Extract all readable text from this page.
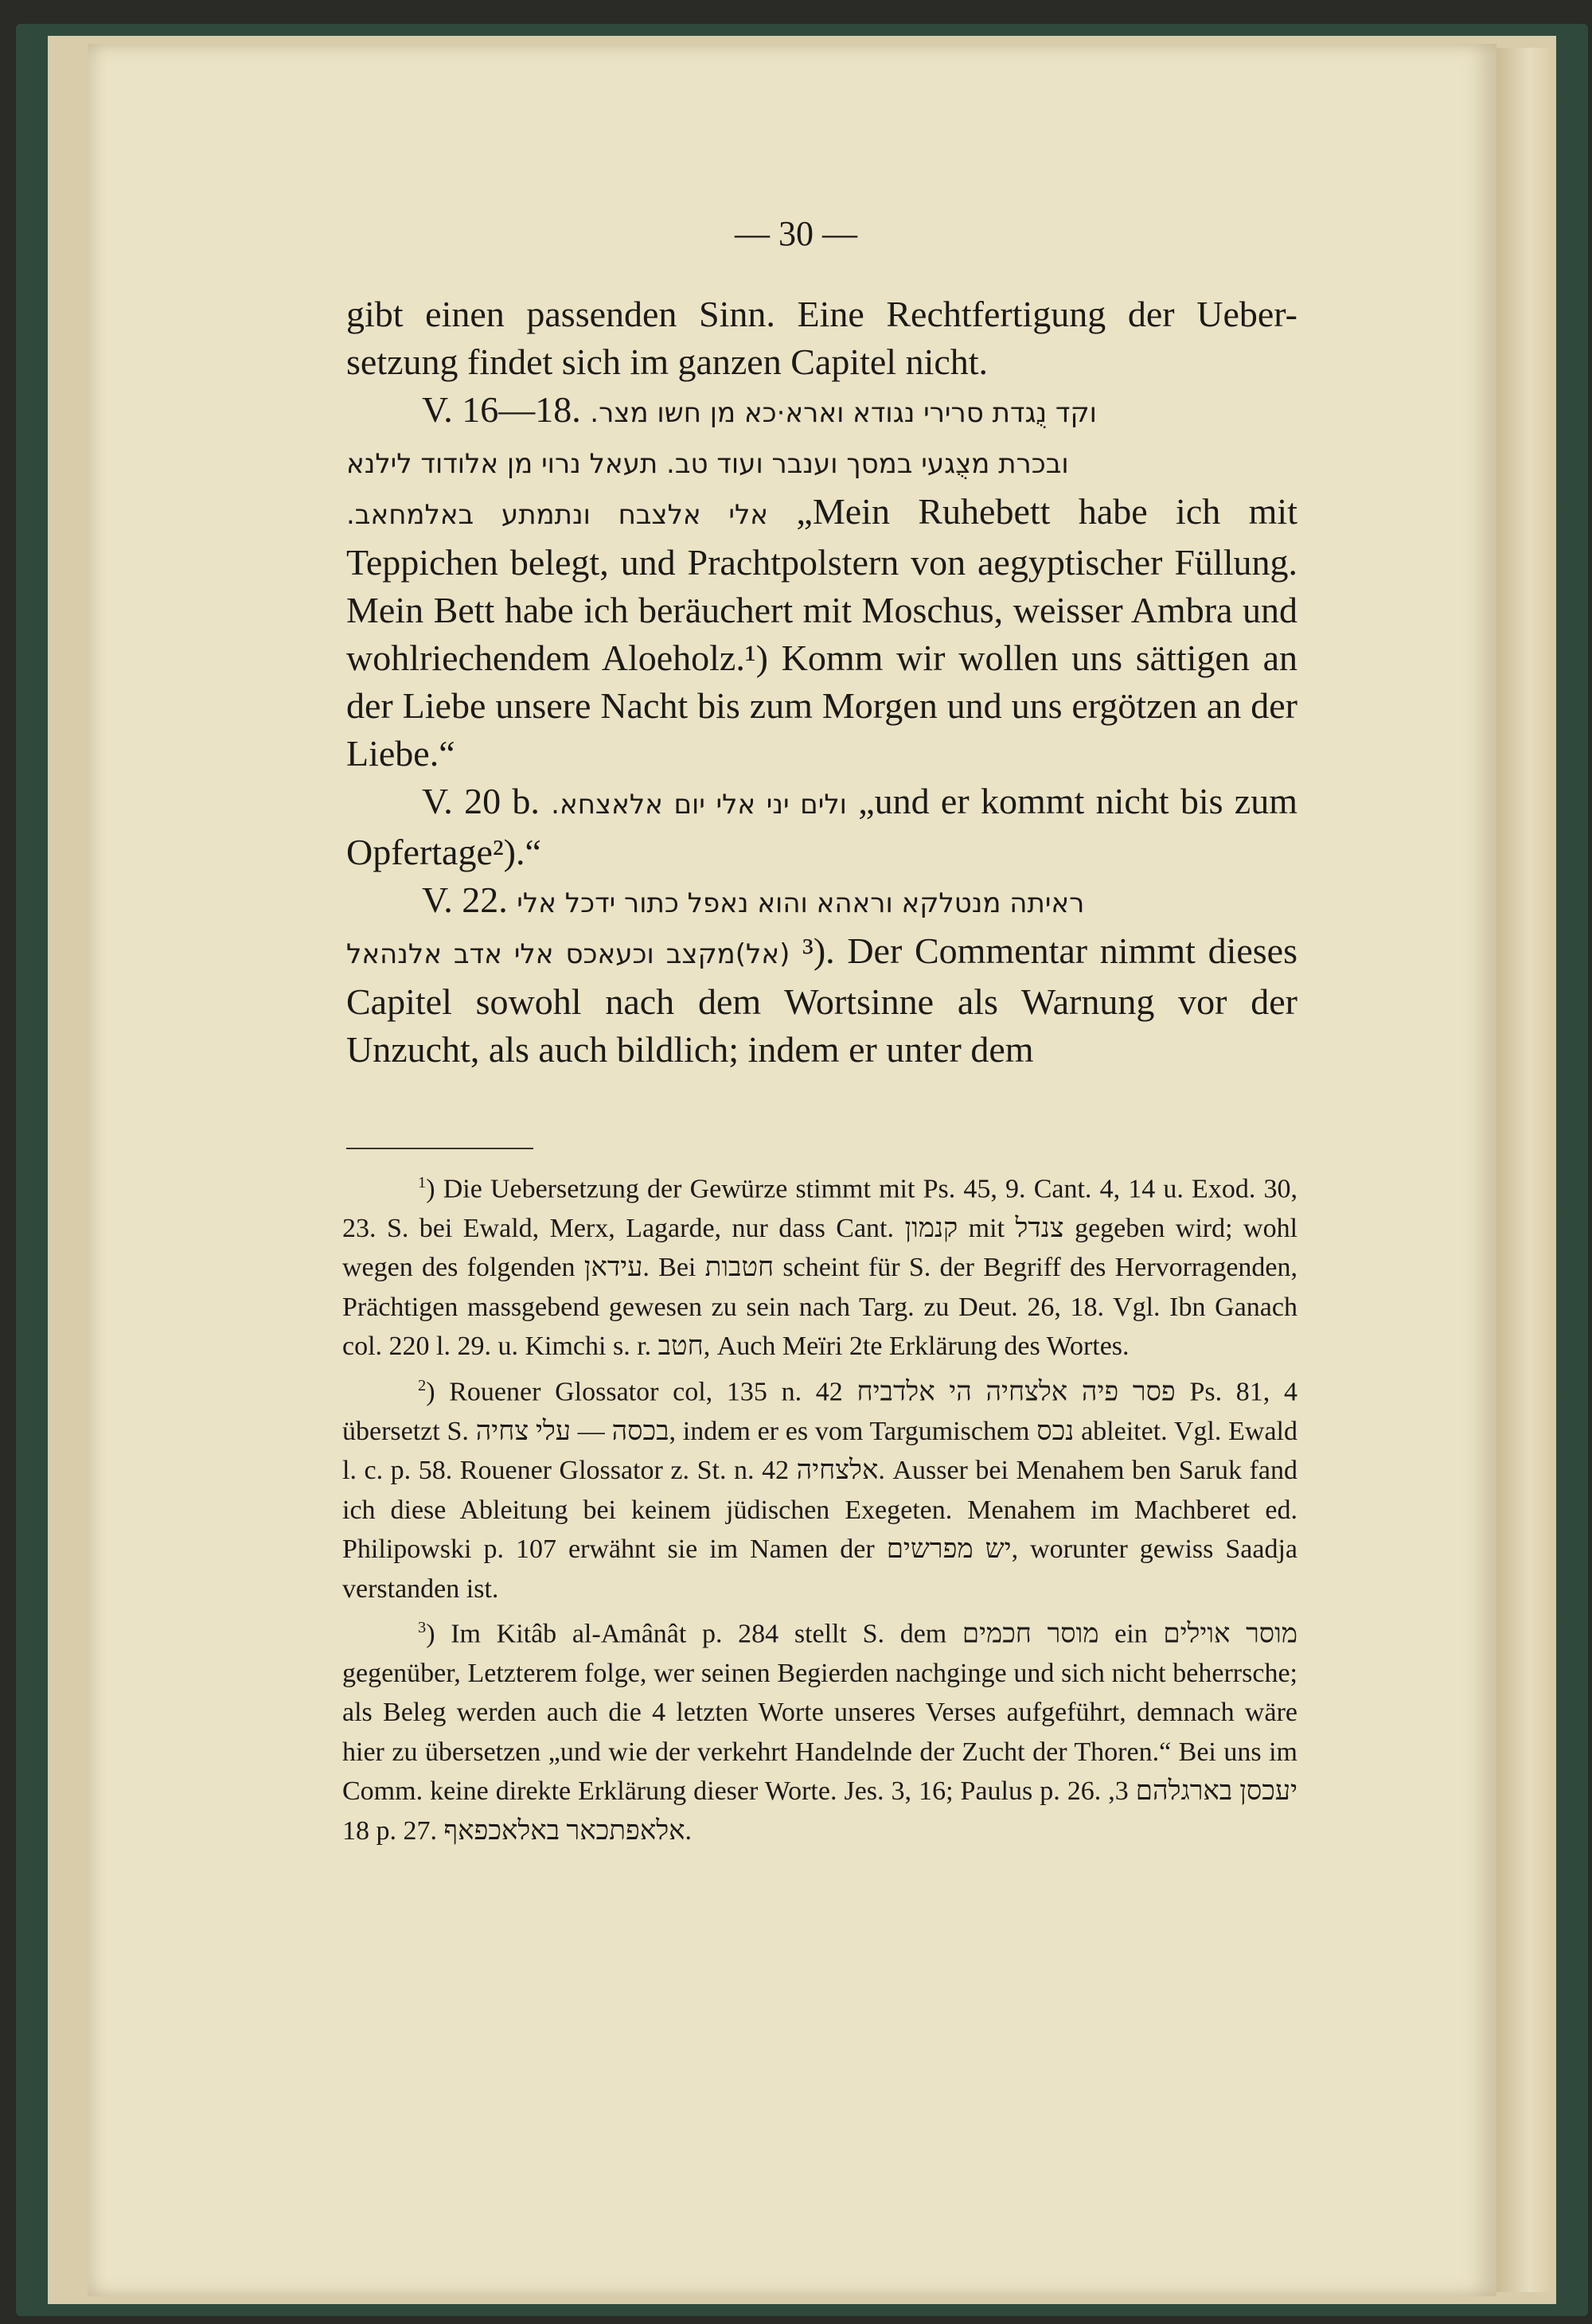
— 30 —

gibt einen passenden Sinn. Eine Rechtfertigung der Ueber-setzung findet sich im ganzen Capitel nicht.

V. 16—18. וקד נֻגדת סרירי נגודא וארא·כא מן חשו מצר.

ובכרת מצֻגעי במסך וענבר ועוד טב. תעאל נרוי מן אלודוד לילנא

אלי אלצבח ונתמתע באלמחאב. „Mein Ruhebett habe ich mit Teppichen belegt, und Prachtpolstern von aegyptischer Füllung. Mein Bett habe ich beräuchert mit Moschus, weisser Ambra und wohlriechendem Aloeholz.¹) Komm wir wollen uns sättigen an der Liebe unsere Nacht bis zum Morgen und uns ergötzen an der Liebe.“

V. 20 b. ולים יני אלי יום אלאצחא. „und er kommt nicht bis zum Opfertage²).“

V. 22. ראיתה מנטלקא וראהא והוא נאפל כתור ידכל אלי

(אל)מקצב וכעאכס אלי אדב אלנהאל ³). Der Commentar nimmt dieses Capitel sowohl nach dem Wortsinne als Warnung vor der Unzucht, als auch bildlich; indem er unter dem

$^1$) Die Uebersetzung der Gewürze stimmt mit Ps. 45, 9. Cant. 4, 14 u. Exod. 30, 23. S. bei Ewald, Merx, Lagarde, nur dass Cant. קנמון mit צנדל gegeben wird; wohl wegen des folgenden עידאן. Bei חטבות scheint für S. der Begriff des Hervorragenden, Prächtigen massgebend gewesen zu sein nach Targ. zu Deut. 26, 18. Vgl. Ibn Ganach col. 220 l. 29. u. Kimchi s. r. חטב, Auch Meïri 2te Erklärung des Wortes.

$^2$) Rouener Glossator col, 135 n. 42 פסר פיה אלצחיה הי אלדביח Ps. 81, 4 übersetzt S. בכסה — עלי צחיה, indem er es vom Targumischem נכס ableitet. Vgl. Ewald l. c. p. 58. Rouener Glossator z. St. n. 42 אלצחיה. Ausser bei Menahem ben Saruk fand ich diese Ableitung bei keinem jüdischen Exegeten. Menahem im Machberet ed. Philipowski p. 107 erwähnt sie im Namen der יש מפרשים, worunter gewiss Saadja verstanden ist.

$^3$) Im Kitâb al-Amânât p. 284 stellt S. dem מוסר חכמים ein מוסר אוילים gegenüber, Letzterem folge, wer seinen Begierden nachginge und sich nicht beherrsche; als Beleg werden auch die 4 letzten Worte unseres Verses aufgeführt, demnach wäre hier zu übersetzen „und wie der verkehrt Handelnde der Zucht der Thoren.“ Bei uns im Comm. keine direkte Erklärung dieser Worte. Jes. 3, 16; Paulus p. 26. יעכסן בארגלהם 3, 18 p. 27. אלאפתכאר באלאכפאף.
